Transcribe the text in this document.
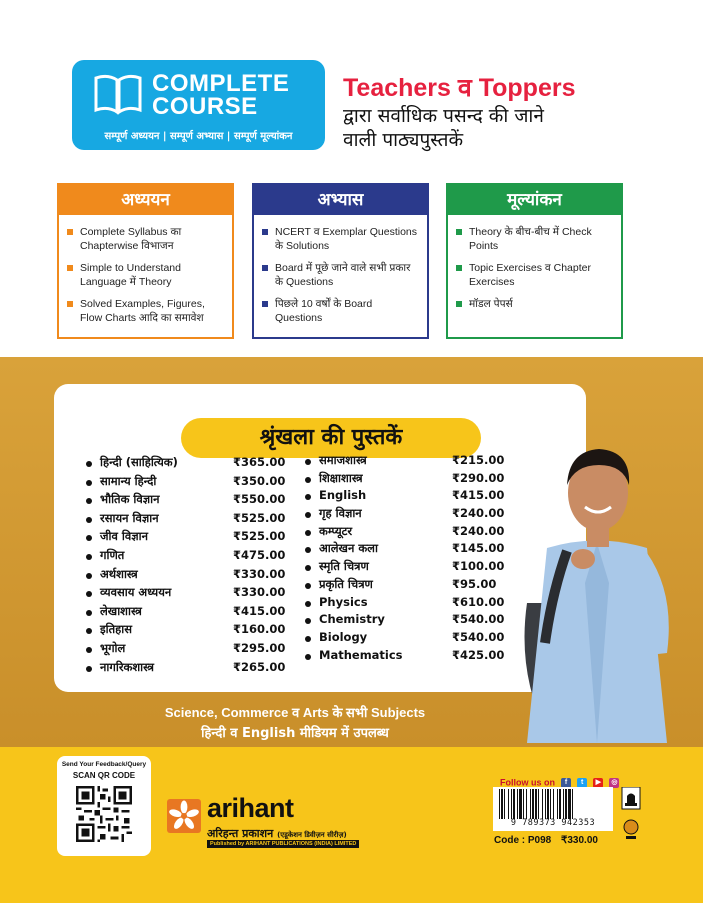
COMPLETE
COURSE
सम्पूर्ण अध्ययन | सम्पूर्ण अभ्यास | सम्पूर्ण मूल्यांकन
Teachers व Toppers
द्वारा सर्वाधिक पसन्द की जाने
वाली पाठ्यपुस्तकें
अध्ययन
Complete Syllabus का Chapterwise विभाजन
Simple to Understand Language में Theory
Solved Examples, Figures, Flow Charts आदि का समावेश
अभ्यास
NCERT व Exemplar Questions के Solutions
Board में पूछे जाने वाले सभी प्रकार के Questions
पिछले 10 वर्षों के Board Questions
मूल्यांकन
Theory के बीच-बीच में Check Points
Topic Exercises व Chapter Exercises
मॉडल पेपर्स
श्रृंखला की पुस्तकें
Science, Commerce व Arts के सभी Subjects
हिन्दी व English मीडियम में उपलब्ध
हिन्दी (साहित्यिक)	₹365.00
सामान्य हिन्दी	₹350.00
भौतिक विज्ञान	₹550.00
रसायन विज्ञान	₹525.00
जीव विज्ञान	₹525.00
गणित	₹475.00
अर्थशास्त्र	₹330.00
व्यवसाय अध्ययन	₹330.00
लेखाशास्त्र	₹415.00
इतिहास	₹160.00
भूगोल	₹295.00
नागरिकशास्त्र	₹265.00
समाजशास्त्र	₹215.00
शिक्षाशास्त्र	₹290.00
English	₹415.00
गृह विज्ञान	₹240.00
कम्प्यूटर	₹240.00
आलेखन कला	₹145.00
स्मृति चित्रण	₹100.00
प्रकृति चित्रण	₹95.00
Physics	₹610.00
Chemistry	₹540.00
Biology	₹540.00
Mathematics	₹425.00
Send Your Feedback/Query
SCAN QR CODE
arihant
अरिहन्त प्रकाशन (एडूकेशन डिवीज़न सीरीज़)
Published by ARIHANT PUBLICATIONS (INDIA) LIMITED
Follow us on f t ▶ ◎
9 789373 942353
Code : P098 ₹330.00
